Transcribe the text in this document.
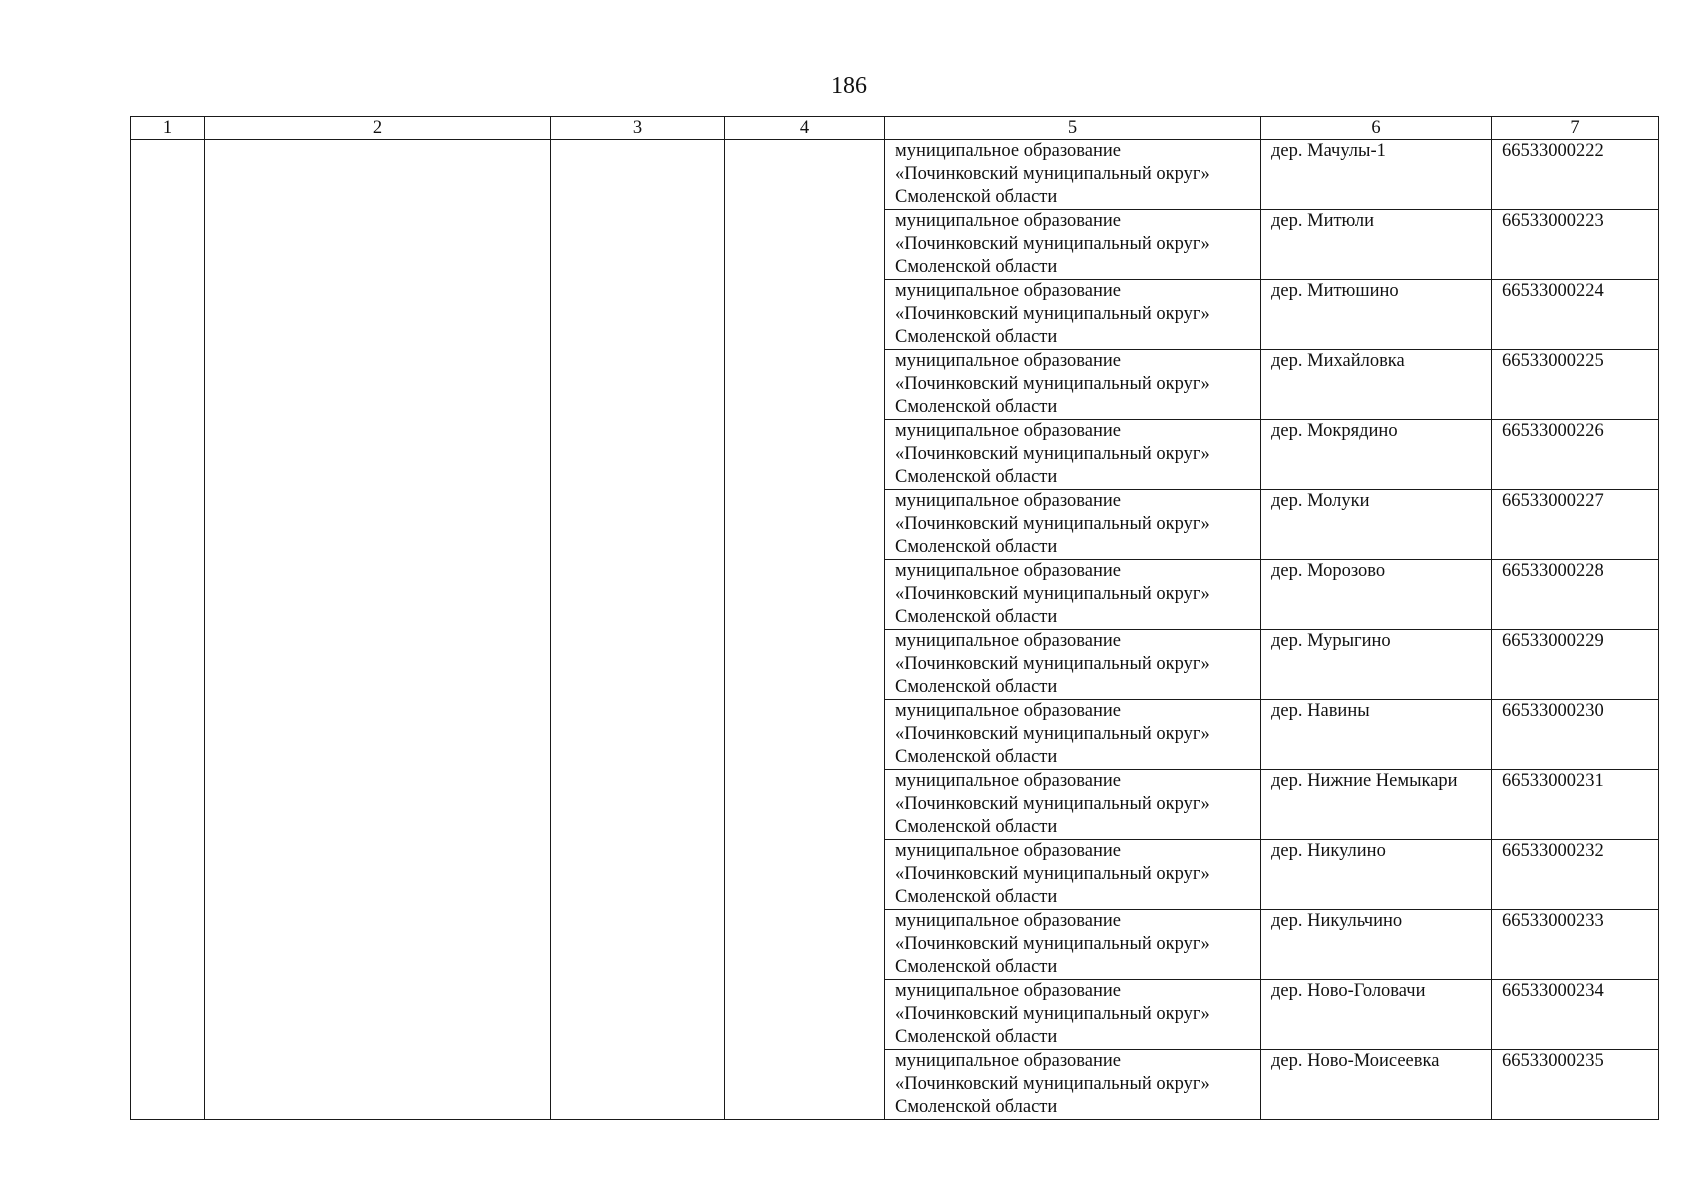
186
1	2	3	4	5	6	7

				муниципальное образование
«Починковский муниципальный округ»
Смоленской области	дер. Мачулы-1	66533000222

				муниципальное образование
«Починковский муниципальный округ»
Смоленской области	дер. Митюли	66533000223

				муниципальное образование
«Починковский муниципальный округ»
Смоленской области	дер. Митюшино	66533000224

				муниципальное образование
«Починковский муниципальный округ»
Смоленской области	дер. Михайловка	66533000225

				муниципальное образование
«Починковский муниципальный округ»
Смоленской области	дер. Мокрядино	66533000226

				муниципальное образование
«Починковский муниципальный округ»
Смоленской области	дер. Молуки	66533000227

				муниципальное образование
«Починковский муниципальный округ»
Смоленской области	дер. Морозово	66533000228

				муниципальное образование
«Починковский муниципальный округ»
Смоленской области	дер. Мурыгино	66533000229

				муниципальное образование
«Починковский муниципальный округ»
Смоленской области	дер. Навины	66533000230

				муниципальное образование
«Починковский муниципальный округ»
Смоленской области	дер. Нижние Немыкари	66533000231

				муниципальное образование
«Починковский муниципальный округ»
Смоленской области	дер. Никулино	66533000232

				муниципальное образование
«Починковский муниципальный округ»
Смоленской области	дер. Никульчино	66533000233

				муниципальное образование
«Починковский муниципальный округ»
Смоленской области	дер. Ново-Головачи	66533000234

				муниципальное образование
«Починковский муниципальный округ»
Смоленской области	дер. Ново-Моисеевка	66533000235
